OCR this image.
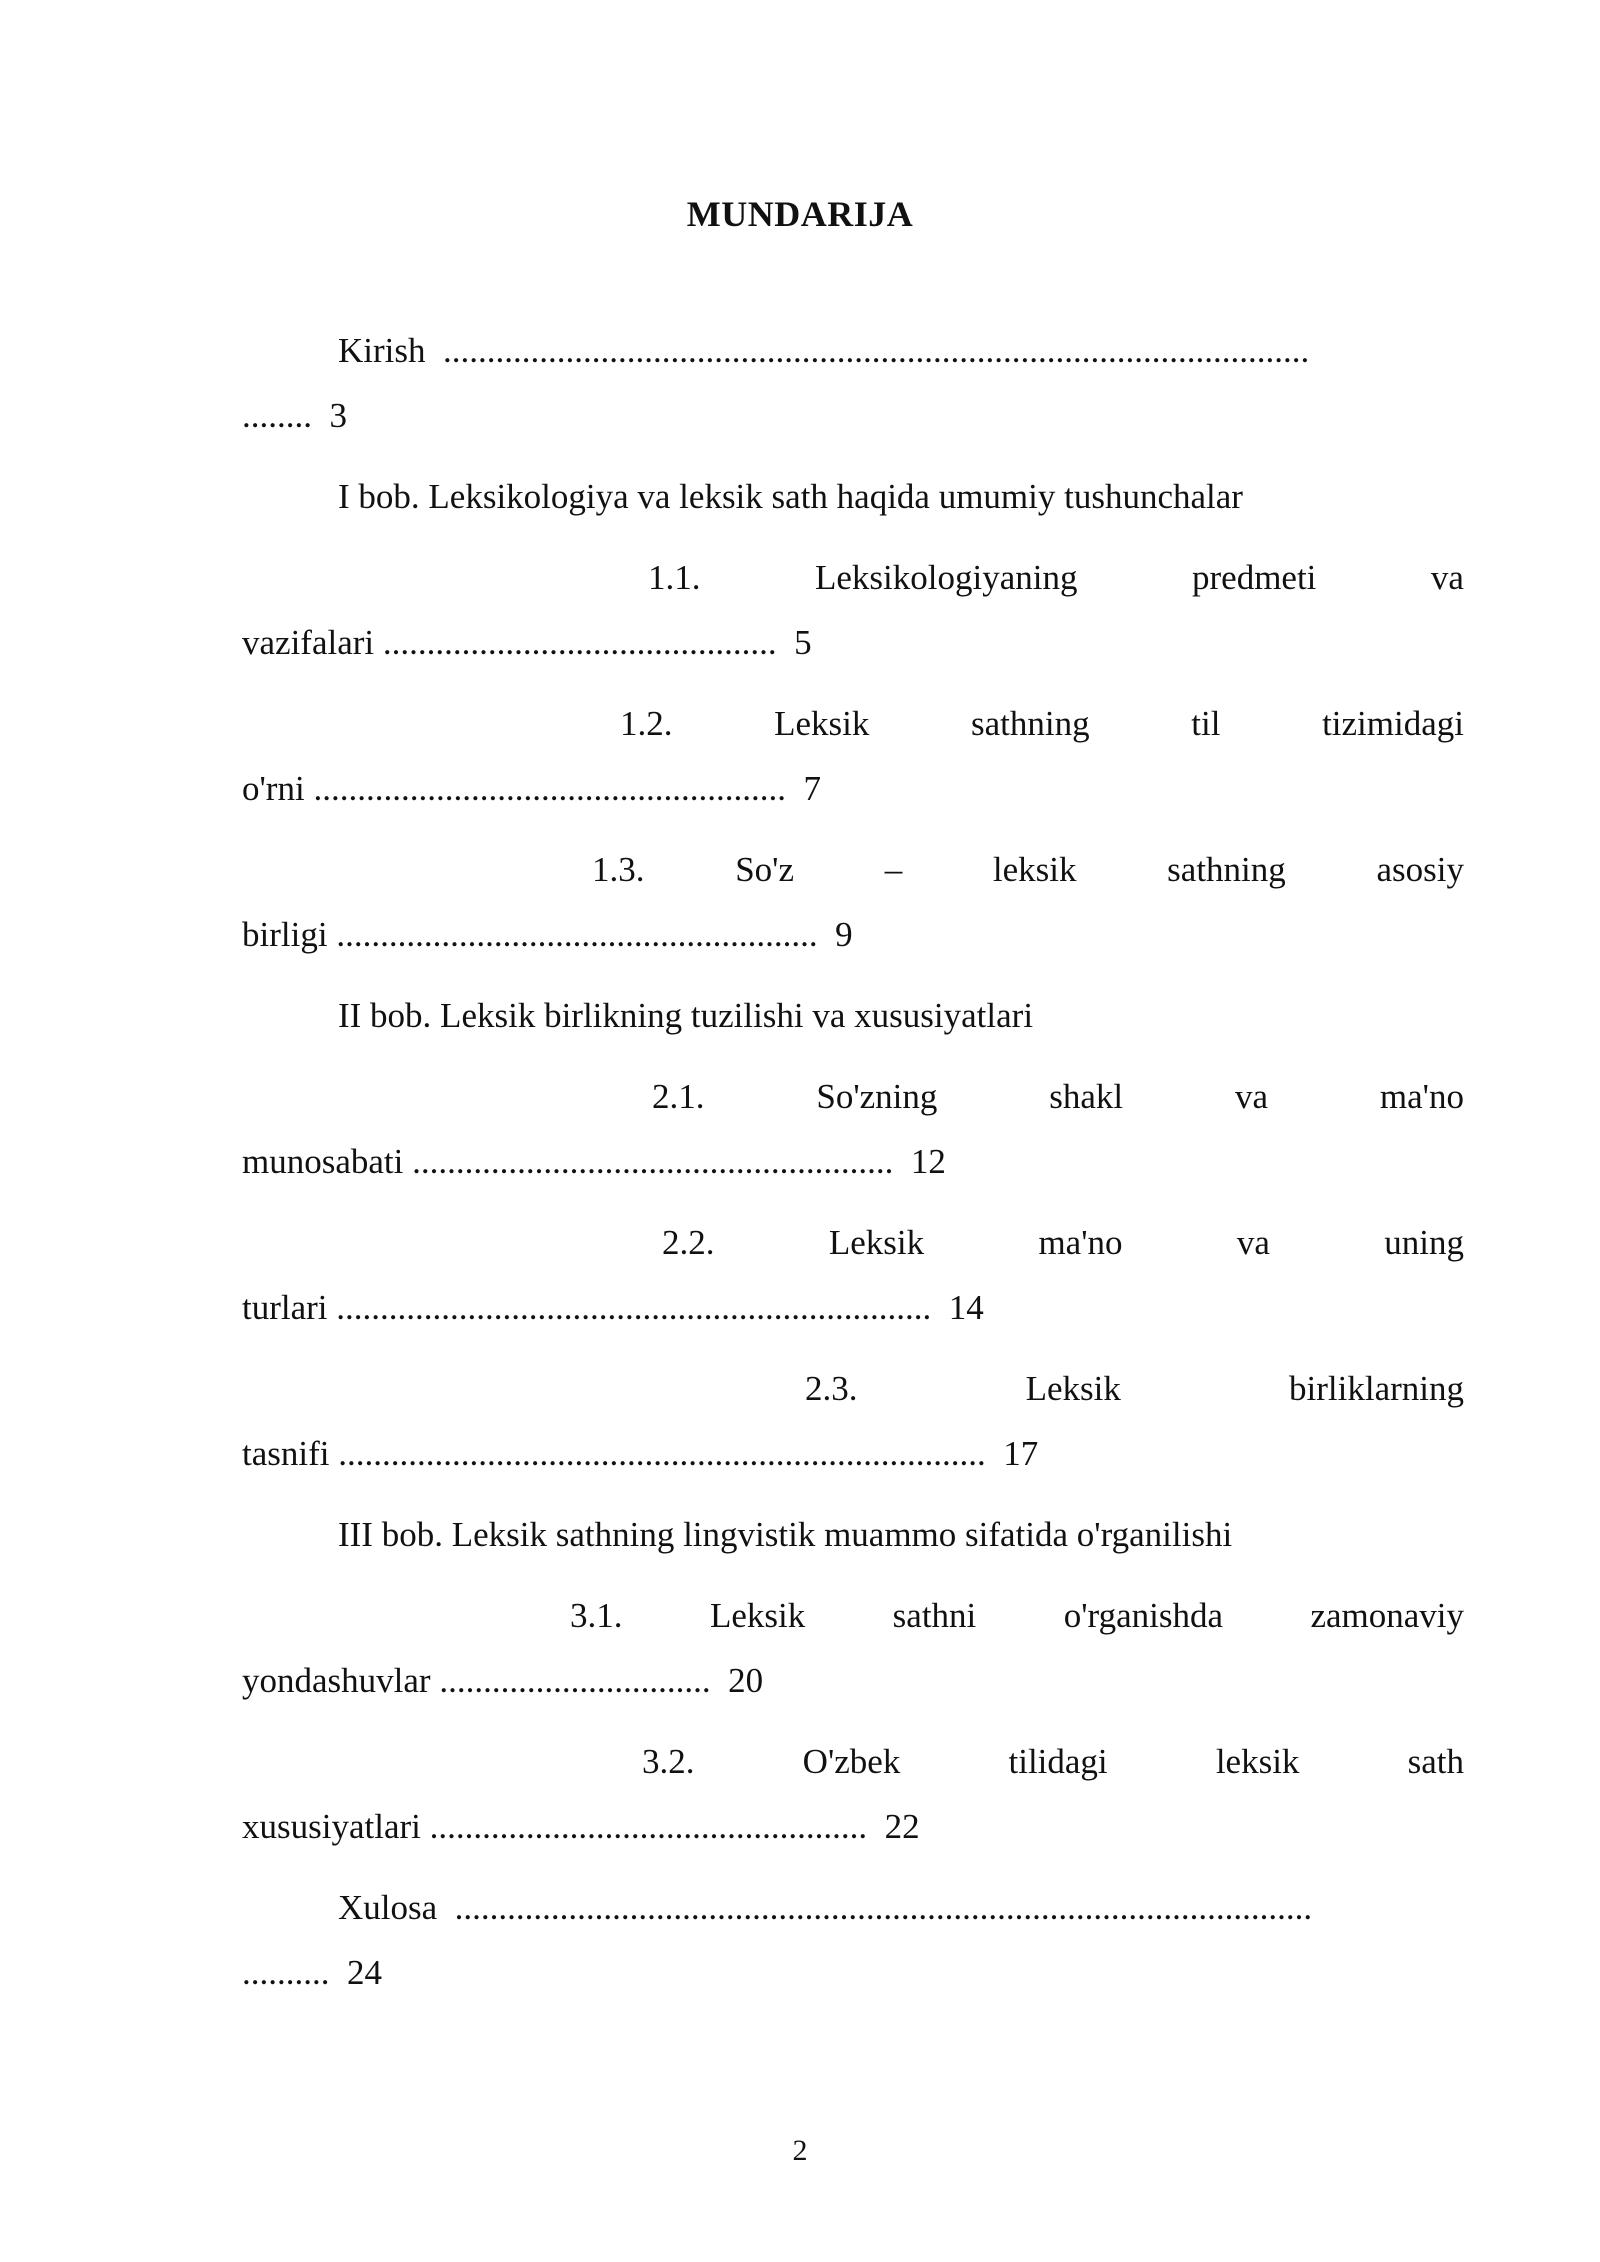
MUNDARIJA
Kirish ...................................................................................................
........ 3
I bob. Leksikologiya va leksik sath haqida umumiy tushunchalar
1.1.	Leksikologiyaning	predmeti	va
vazifalari ............................................. 5
1.2.	Leksik	sathning	til	tizimidagi
o'rni ...................................................... 7
1.3.	So'z	–	leksik	sathning	asosiy
birligi ....................................................... 9
II bob. Leksik birlikning tuzilishi va xususiyatlari
2.1.	So'zning	shakl	va	ma'no
munosabati ....................................................... 12
2.2.	Leksik	ma'no	va	uning
turlari .................................................................... 14
2.3.	Leksik	birliklarning
tasnifi .......................................................................... 17
III bob. Leksik sathning lingvistik muammo sifatida o'rganilishi
3.1. Leksik sathni o'rganishda zamonaviy
yondashuvlar ............................... 20
3.2.	O'zbek	tilidagi	leksik	sath
xususiyatlari .................................................. 22
Xulosa ..................................................................................................
.......... 24
2
